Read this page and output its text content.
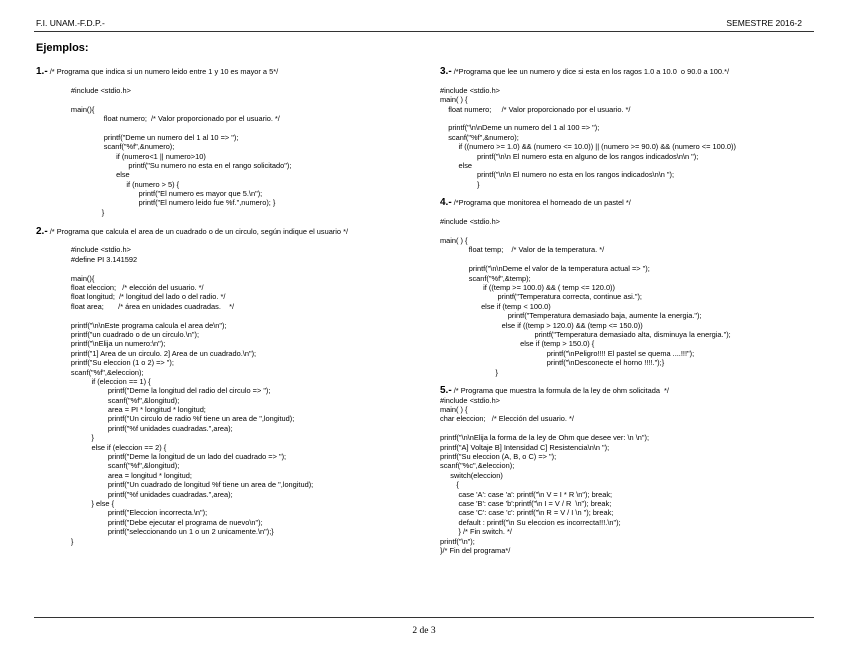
F.I. UNAM.-F.D.P.-	SEMESTRE 2016-2
Ejemplos:
1.- /* Programa que indica si un numero leido entre 1 y 10 es mayor a 5*/
#include <stdio.h>
main(){
float numero;  /* Valor proporcionado por el usuario. */
printf("Deme un numero del 1 al 10 => ");
scanf("%f",&numero);
if (numero<1 || numero>10)
printf("Su numero no esta en el rango solicitado");
else
if (numero > 5) {
printf("El numero es mayor que 5.\n");
printf("El numero leido fue %f.",numero); }
}
2.- /* Programa que calcula el area de un cuadrado o de un circulo, según indique el usuario */
#include <stdio.h>
#define PI 3.141592
main(){
float eleccion;   /* elección del usuario. */
float longitud;  /* longitud del lado o del radio. */
float area;       /* área en unidades cuadradas.    */
printf("\n\nEste programa calcula el area de\n");
printf("un cuadrado o de un circulo.\n");
printf("\nElija un numero:\n");
printf("1] Area de un circulo. 2] Area de un cuadrado.\n");
printf("Su eleccion (1 o 2) => ");
scanf("%f",&eleccion);
if (eleccion == 1) {
printf("Deme la longitud del radio del circulo => ");
scanf("%f",&longitud);
area = PI * longitud * longitud;
printf("Un circulo de radio %f tiene un area de ",longitud);
printf("%f unidades cuadradas.",area);
}
else if (eleccion == 2) {
printf("Deme la longitud de un lado del cuadrado => ");
scanf("%f",&longitud);
area = longitud * longitud;
printf("Un cuadrado de longitud %f tiene un area de ",longitud);
printf("%f unidades cuadradas.",area);
} else {
printf("Eleccion incorrecta.\n");
printf("Debe ejecutar el programa de nuevo\n");
printf("seleccionando un 1 o un 2 unicamente.\n");}
}
3.- /*Programa que lee un numero y dice si esta en los ragos 1.0 a 10.0  o 90.0 a 100.*/
#include <stdio.h>
main( ) {
float numero;     /* Valor proporcionado por el usuario. */
printf("\n\nDeme un numero del 1 al 100 => ");
scanf("%f",&numero);
if ((numero >= 1.0) && (numero <= 10.0)) || (numero >= 90.0) && (numero <= 100.0))
printf("\n\n El numero esta en alguno de los rangos indicados\n\n ");
else
printf("\n\n El numero no esta en los rangos indicados\n\n ");
}
4.- /*Programa que monitorea el horneado de un pastel */
#include <stdio.h>
main( ) {
float temp;    /* Valor de la temperatura. */
printf("\n\nDeme el valor de la temperatura actual => ");
scanf("%f",&temp);
if ((temp >= 100.0) && ( temp <= 120.0))
printf("Temperatura correcta, continue asi.");
else if (temp < 100.0)
printf("Temperatura demasiado baja, aumente la energia.");
else if ((temp > 120.0) && (temp <= 150.0))
printf("Temperatura demasiado alta, disminuya la energia.");
else if (temp > 150.0) {
printf("\nPeligro!!!! El pastel se quema ....!!!");
printf("\nDesconecte el horno !!!!.");}
}
5.- /* Programa que muestra la formula de la ley de ohm solicitada  */
#include <stdio.h>
main( ) {
char eleccion;   /* Elección del usuario. */
printf("\n\nElija la forma de la ley de Ohm que desee ver: \n \n");
printf("A] Voltaje B] Intensidad C] Resistencia\n\n ");
printf("Su eleccion (A, B, o C) => ");
scanf("%c",&eleccion);
switch(eleccion)
{
case 'A': case 'a': printf("\n V = I * R \n"); break;
case 'B': case 'b':printf("\n I = V / R  \n"); break;
case 'C': case 'c': printf("\n R = V / I \n "); break;
default : printf("\n Su eleccion es incorrecta!!!.\n");
} /* Fin switch. */
printf("\n");
}/* Fin del programa*/
2 de 3
